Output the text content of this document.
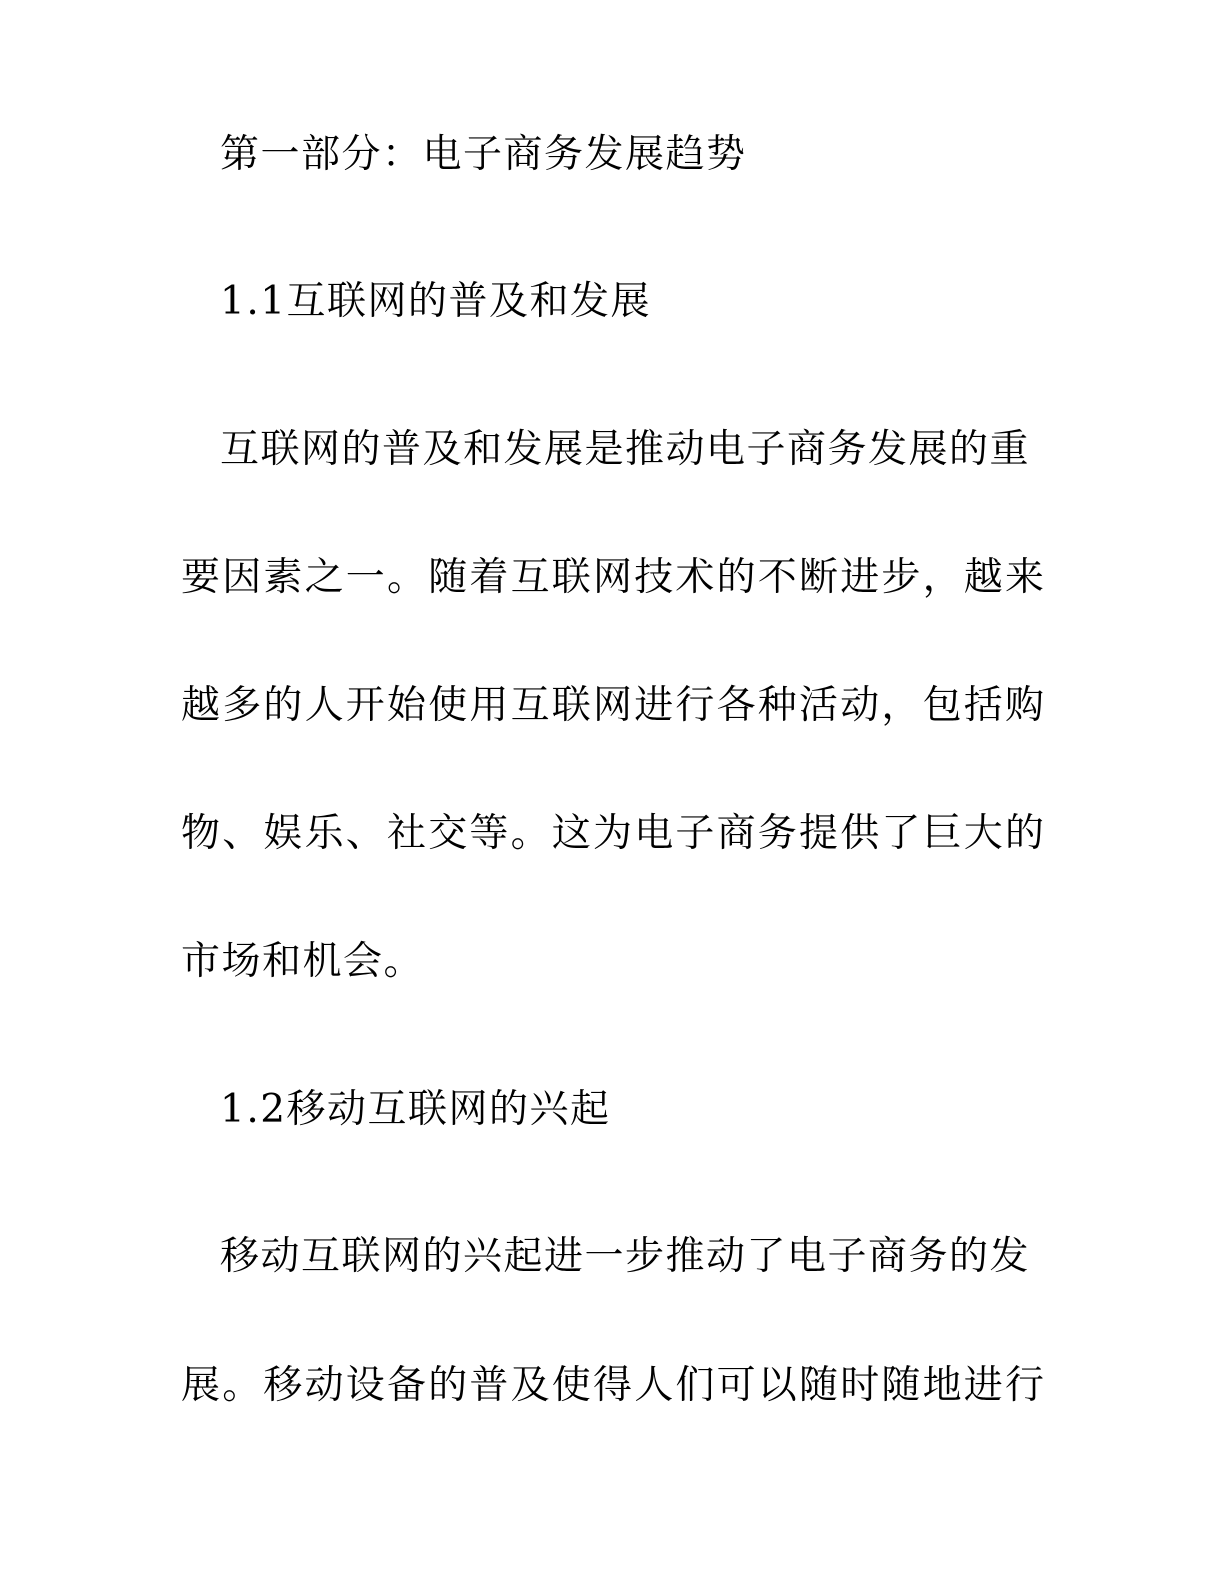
第一部分：电子商务发展趋势
1.1互联网的普及和发展
互联网的普及和发展是推动电子商务发展的重
要因素之一。随着互联网技术的不断进步，越来
越多的人开始使用互联网进行各种活动，包括购
物、娱乐、社交等。这为电子商务提供了巨大的
市场和机会。
1.2移动互联网的兴起
移动互联网的兴起进一步推动了电子商务的发
展。移动设备的普及使得人们可以随时随地进行
